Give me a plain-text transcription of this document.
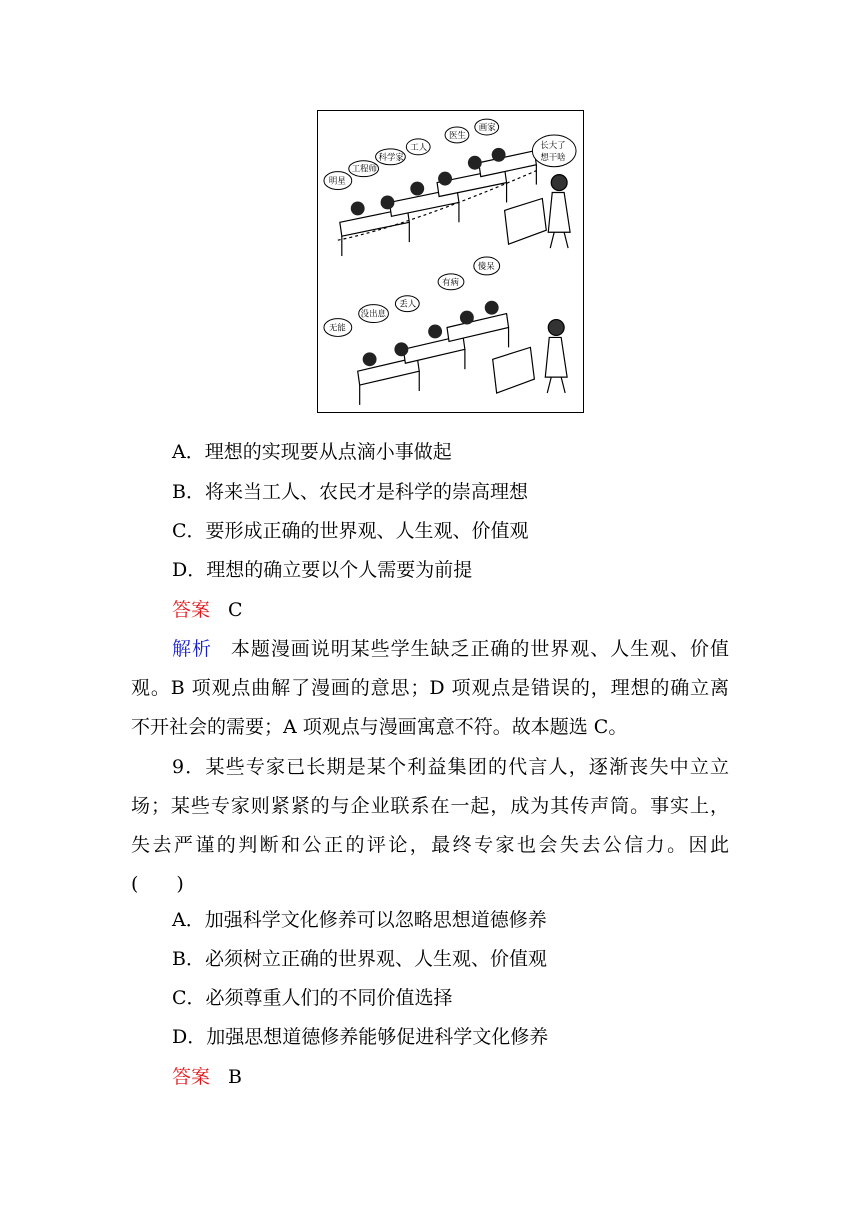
明星
工程师
科学家
工人
医生
画家
长大了
想干啥
无能
没出息
丢人
有病
傻呆
A．理想的实现要从点滴小事做起
B．将来当工人、农民才是科学的崇高理想
C．要形成正确的世界观、人生观、价值观
D．理想的确立要以个人需要为前提
答案 C
解析 本题漫画说明某些学生缺乏正确的世界观、人生观、价值
观。B 项观点曲解了漫画的意思；D 项观点是错误的，理想的确立离
不开社会的需要；A 项观点与漫画寓意不符。故本题选 C。
9．某些专家已长期是某个利益集团的代言人，逐渐丧失中立立
场；某些专家则紧紧的与企业联系在一起，成为其传声筒。事实上，
失去严谨的判断和公正的评论，最终专家也会失去公信力。因此
(　　)
A．加强科学文化修养可以忽略思想道德修养
B．必须树立正确的世界观、人生观、价值观
C．必须尊重人们的不同价值选择
D．加强思想道德修养能够促进科学文化修养
答案 B
